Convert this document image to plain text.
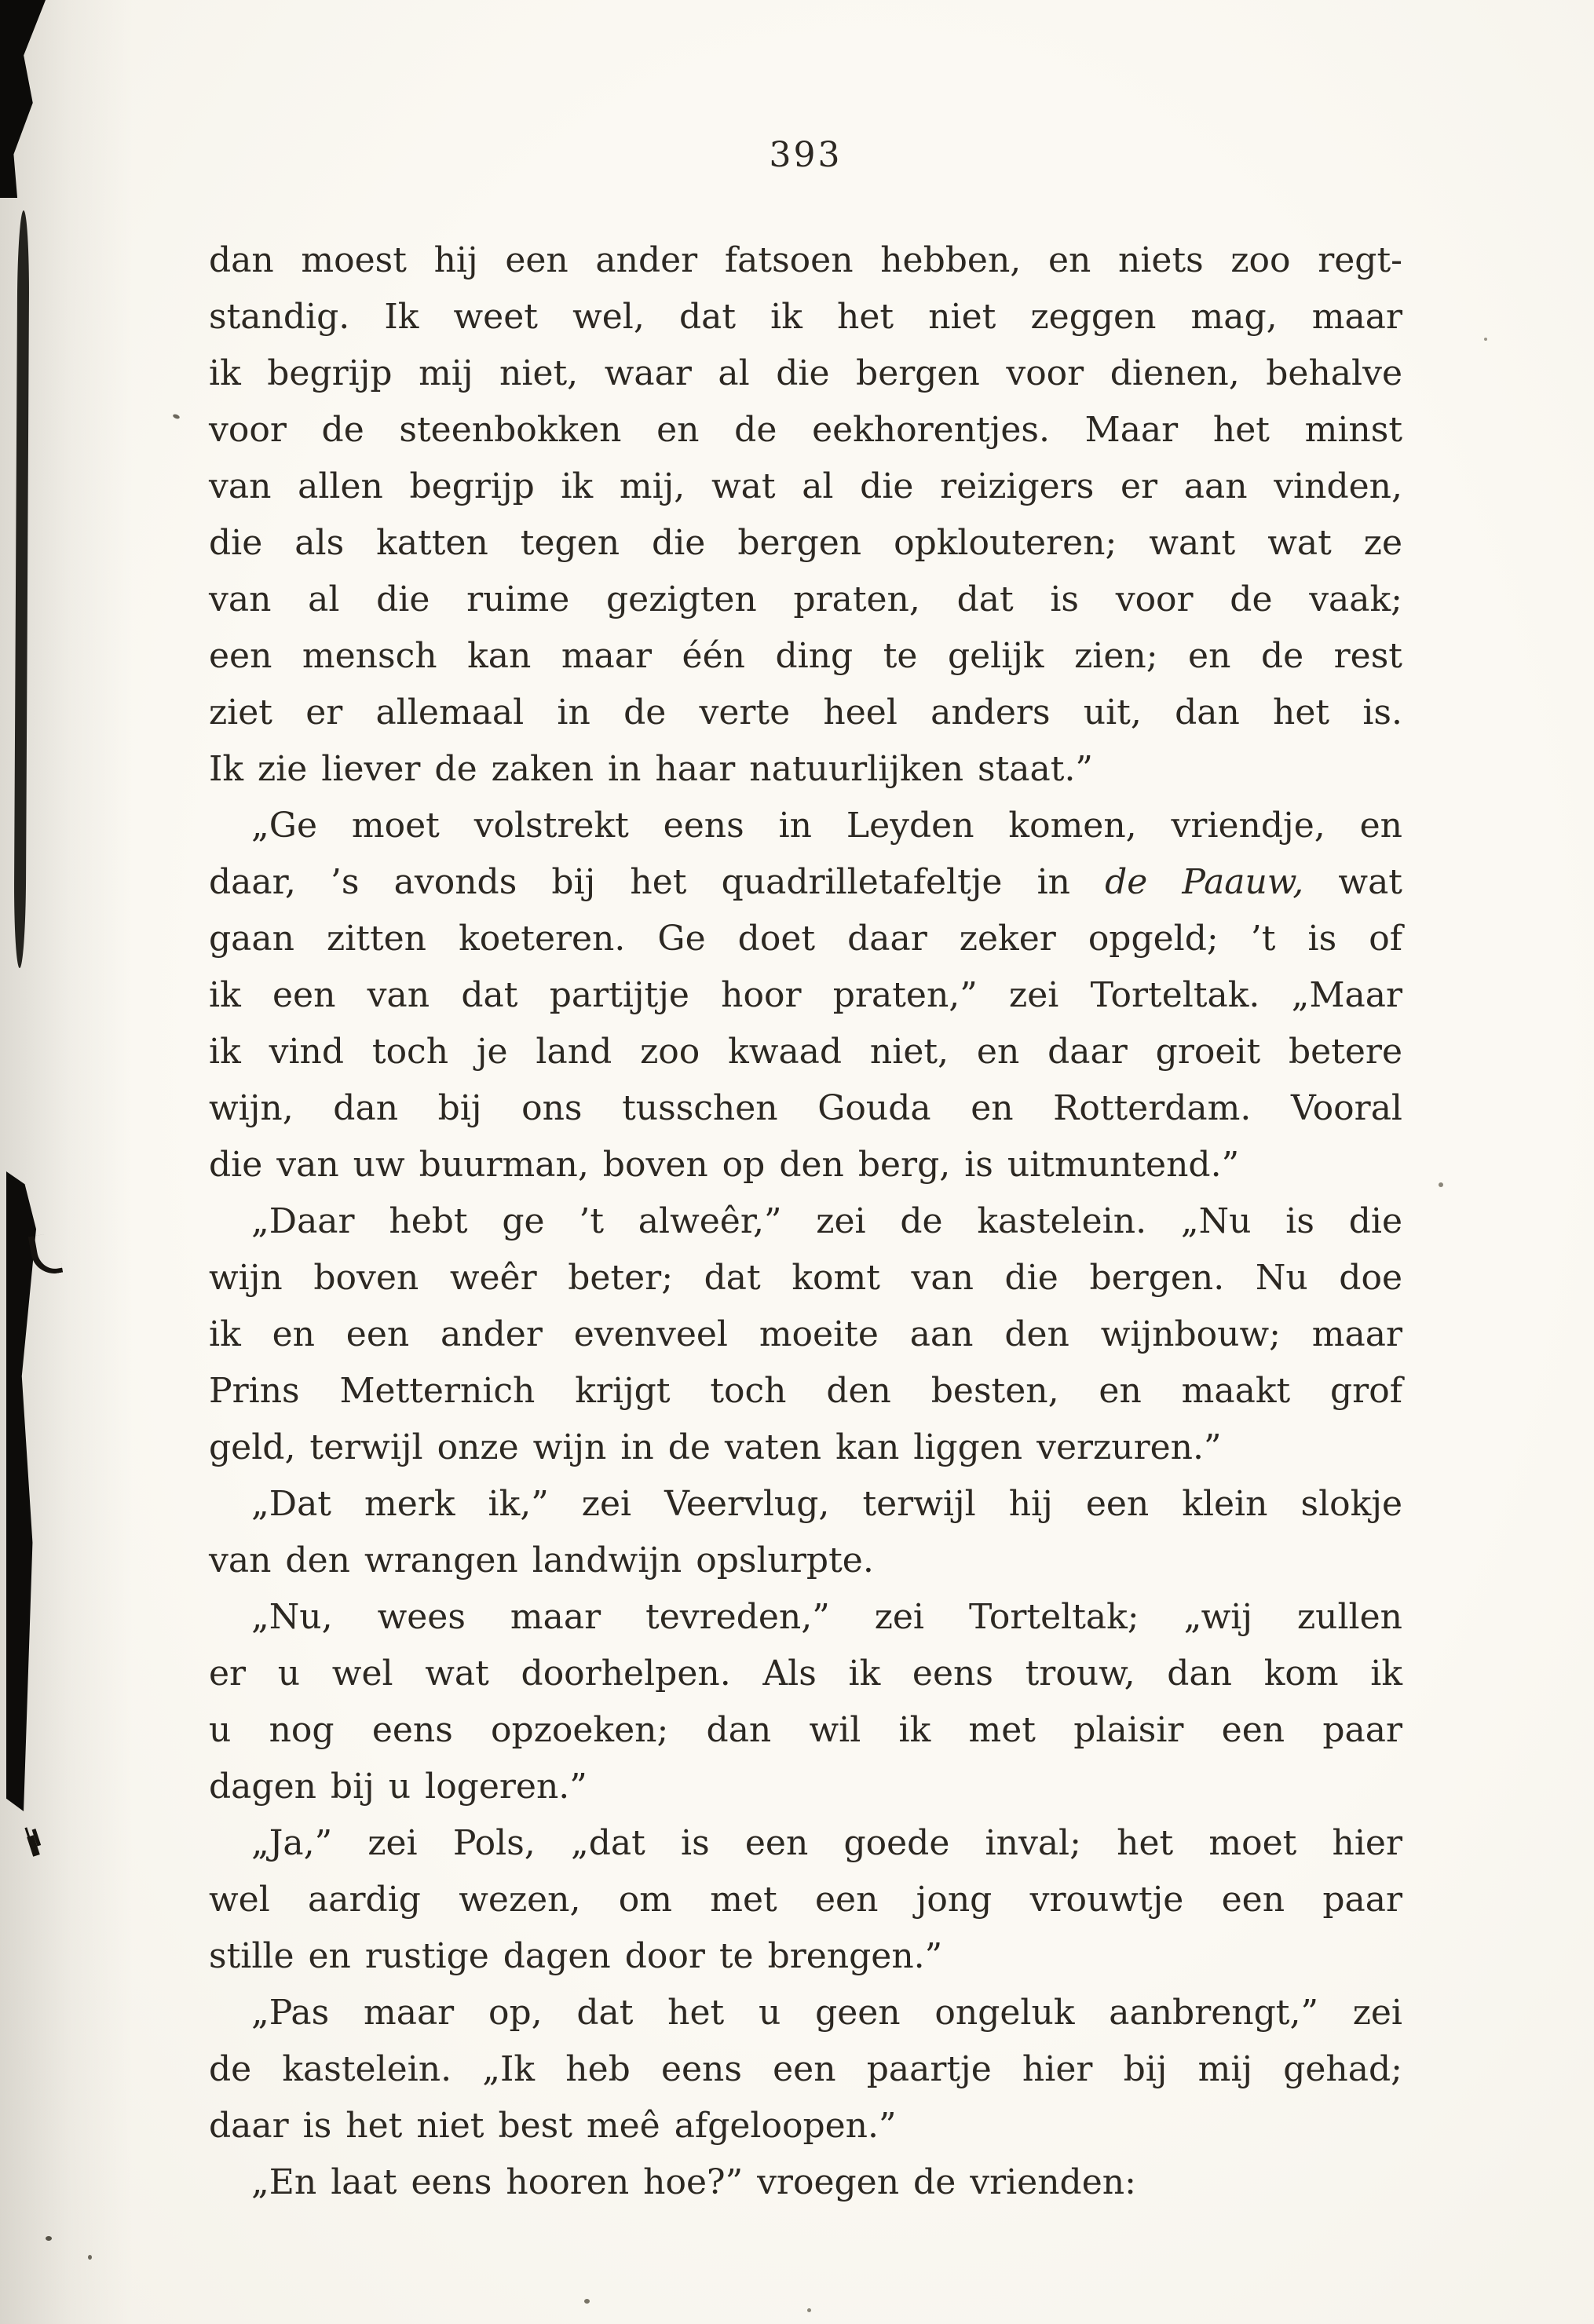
393
dan moest hij een ander fatsoen hebben, en niets zoo regt-
standig. Ik weet wel, dat ik het niet zeggen mag, maar
ik begrijp mij niet, waar al die bergen voor dienen, behalve
voor de steenbokken en de eekhorentjes. Maar het minst
van allen begrijp ik mij, wat al die reizigers er aan vinden,
die als katten tegen die bergen opklouteren; want wat ze
van al die ruime gezigten praten, dat is voor de vaak;
een mensch kan maar één ding te gelijk zien; en de rest
ziet er allemaal in de verte heel anders uit, dan het is.
Ik zie liever de zaken in haar natuurlijken staat.”
„Ge moet volstrekt eens in Leyden komen, vriendje, en
daar, ’s avonds bij het quadrilletafeltje in de Paauw, wat
gaan zitten koeteren. Ge doet daar zeker opgeld; ’t is of
ik een van dat partijtje hoor praten,” zei Torteltak. „Maar
ik vind toch je land zoo kwaad niet, en daar groeit betere
wijn, dan bij ons tusschen Gouda en Rotterdam. Vooral
die van uw buurman, boven op den berg, is uitmuntend.”
„Daar hebt ge ’t alweêr,” zei de kastelein. „Nu is die
wijn boven weêr beter; dat komt van die bergen. Nu doe
ik en een ander evenveel moeite aan den wijnbouw; maar
Prins Metternich krijgt toch den besten, en maakt grof
geld, terwijl onze wijn in de vaten kan liggen verzuren.”
„Dat merk ik,” zei Veervlug, terwijl hij een klein slokje
van den wrangen landwijn opslurpte.
„Nu, wees maar tevreden,” zei Torteltak; „wij zullen
er u wel wat doorhelpen. Als ik eens trouw, dan kom ik
u nog eens opzoeken; dan wil ik met plaisir een paar
dagen bij u logeren.”
„Ja,” zei Pols, „dat is een goede inval; het moet hier
wel aardig wezen, om met een jong vrouwtje een paar
stille en rustige dagen door te brengen.”
„Pas maar op, dat het u geen ongeluk aanbrengt,” zei
de kastelein. „Ik heb eens een paartje hier bij mij gehad;
daar is het niet best meê afgeloopen.”
„En laat eens hooren hoe?” vroegen de vrienden:
